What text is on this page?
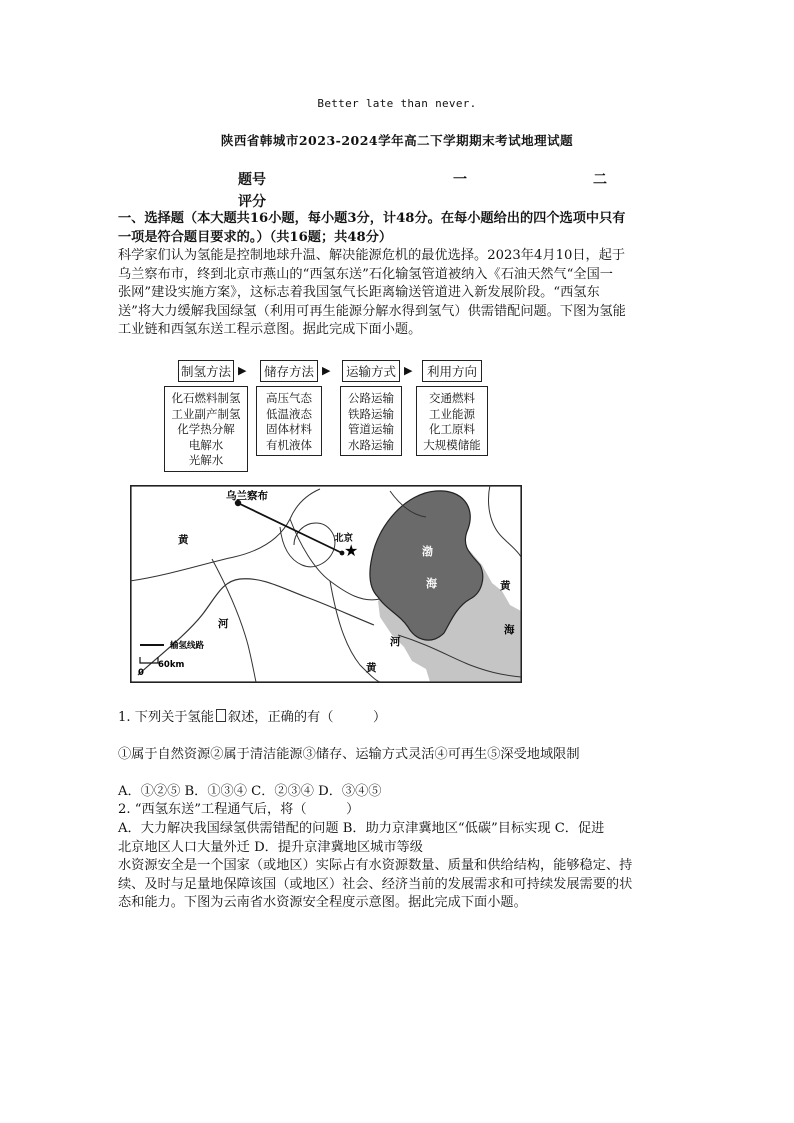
Better late than never.
陕西省韩城市2023-2024学年高二下学期期末考试地理试题
题号	一	二
评分
一、选择题（本大题共16小题，每小题3分，计48分。在每小题给出的四个选项中只有
一项是符合题目要求的。）（共16题；共48分）
科学家们认为氢能是控制地球升温、解决能源危机的最优选择。2023年4月10日，起于
乌兰察布市，终到北京市燕山的“西氢东送”石化输氢管道被纳入《石油天然气“全国一
张网”建设实施方案》，这标志着我国氢气长距离输送管道进入新发展阶段。“西氢东
送”将大力缓解我国绿氢（利用可再生能源分解水得到氢气）供需错配问题。下图为氢能
工业链和西氢东送工程示意图。据此完成下面小题。
制氢方法 ▶	储存方法 ▶	运输方式 ▶	利用方向
化石燃料制氢
工业副产制氢
化学热分解
电解水
光解水
高压气态
低温液态
固体材料
有机液体
公路运输
铁路运输
管道运输
水路运输
交通燃料
工业能源
化工原料
大规模储能
★
乌兰察布
北京
渤
海
黄
河
黄
河
黄
海
输氢线路
0
60km
1. 下列关于氢能 叙述，正确的有（　　　）
①属于自然资源②属于清洁能源③储存、运输方式灵活④可再生⑤深受地域限制
A．①②⑤ B．①③④ C．②③④ D．③④⑤
2. “西氢东送”工程通气后，将（　　　）
A．大力解决我国绿氢供需错配的问题 B．助力京津冀地区“低碳”目标实现 C．促进
北京地区人口大量外迁 D．提升京津冀地区城市等级
水资源安全是一个国家（或地区）实际占有水资源数量、质量和供给结构，能够稳定、持
续、及时与足量地保障该国（或地区）社会、经济当前的发展需求和可持续发展需要的状
态和能力。下图为云南省水资源安全程度示意图。据此完成下面小题。
